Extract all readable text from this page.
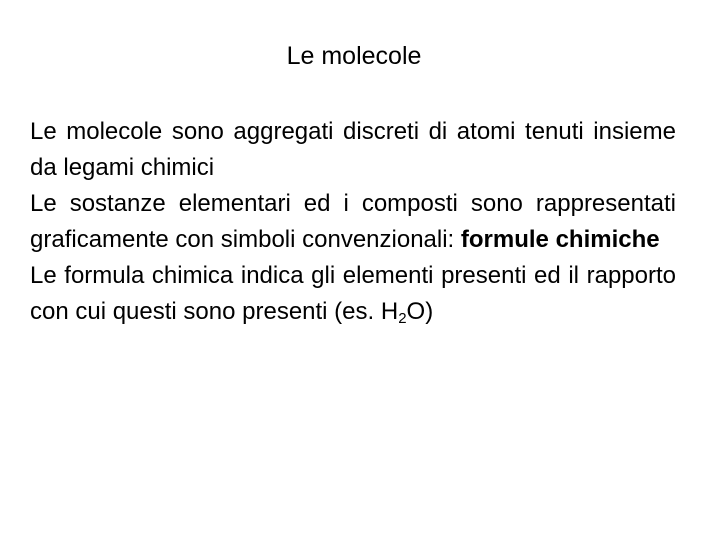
Le molecole

Le molecole sono aggregati discreti di atomi tenuti insieme da legami chimici

Le sostanze elementari ed i composti sono rappresentati graficamente con simboli convenzionali: formule chimiche

Le formula chimica indica gli elementi presenti ed il rapporto con cui questi sono presenti (es. $H_2O$)
